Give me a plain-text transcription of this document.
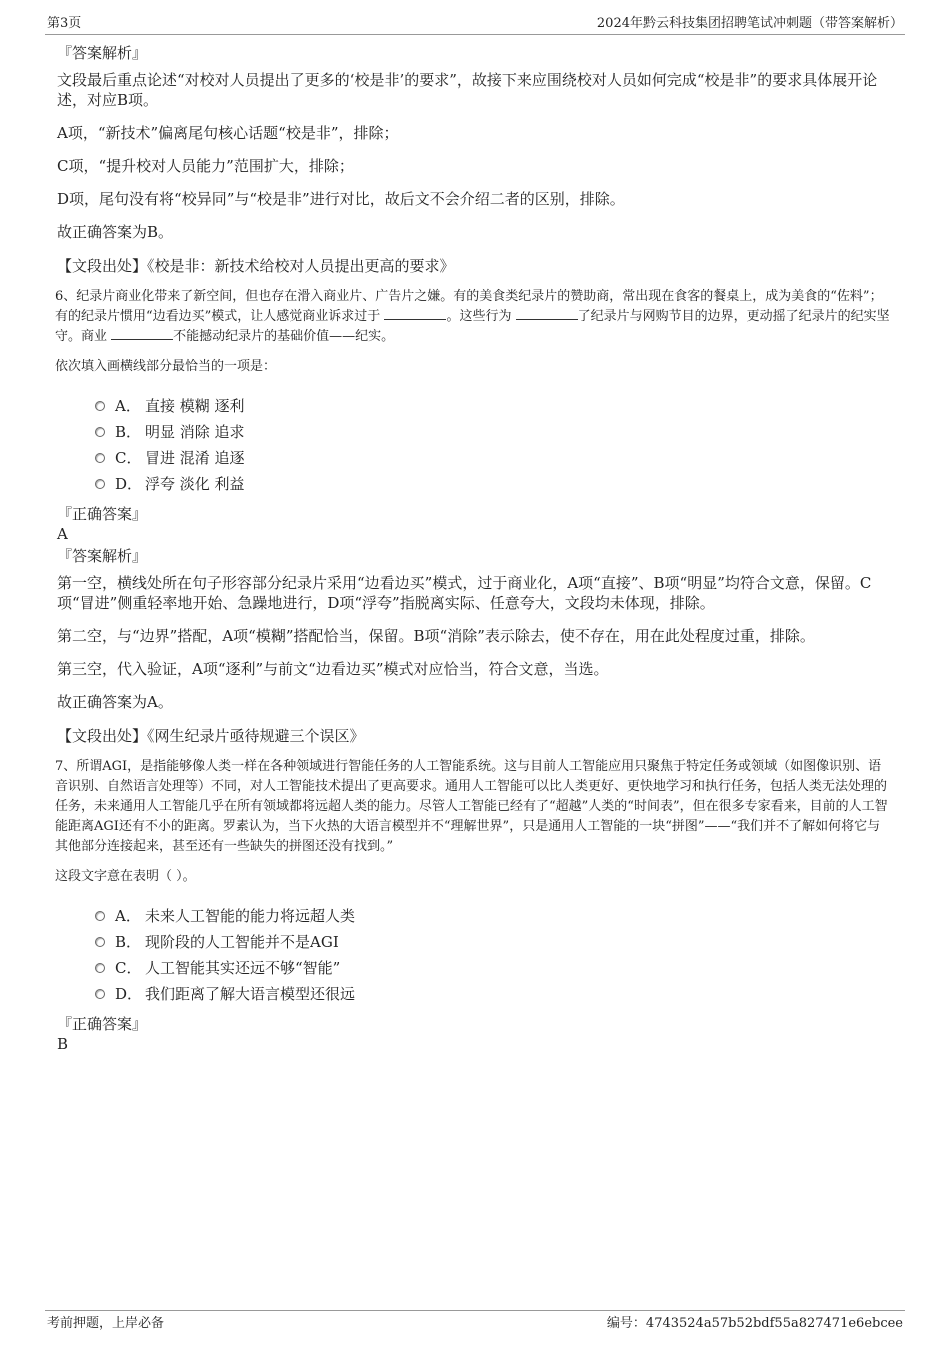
第3页	2024年黔云科技集团招聘笔试冲刺题（带答案解析）
『答案解析』
文段最后重点论述“对校对人员提出了更多的‘校是非’的要求”，故接下来应围绕校对人员如何完成“校是非”的要求具体展开论述，对应B项。
A项，“新技术”偏离尾句核心话题“校是非”，排除；
C项，“提升校对人员能力”范围扩大，排除；
D项，尾句没有将“校异同”与“校是非”进行对比，故后文不会介绍二者的区别，排除。
故正确答案为B。
【文段出处】《校是非：新技术给校对人员提出更高的要求》
6、纪录片商业化带来了新空间，但也存在滑入商业片、广告片之嫌。有的美食类纪录片的赞助商，常出现在食客的餐桌上，成为美食的“佐料”；有的纪录片惯用“边看边买”模式，让人感觉商业诉求过于	。这些行为	了纪录片与网购节目的边界，更动摇了纪录片的纪实坚守。商业	不能撼动纪录片的基础价值——纪实。
依次填入画横线部分最恰当的一项是：
A． 直接 模糊 逐利
B． 明显 消除 追求
C． 冒进 混淆 追逐
D． 浮夸 淡化 利益
『正确答案』
A
『答案解析』
第一空，横线处所在句子形容部分纪录片采用“边看边买”模式，过于商业化，A项“直接”、B项“明显”均符合文意，保留。C项“冒进”侧重轻率地开始、急躁地进行，D项“浮夸”指脱离实际、任意夸大，文段均未体现，排除。
第二空，与“边界”搭配，A项“模糊”搭配恰当，保留。B项“消除”表示除去，使不存在，用在此处程度过重，排除。
第三空，代入验证，A项“逐利”与前文“边看边买”模式对应恰当，符合文意，当选。
故正确答案为A。
【文段出处】《网生纪录片亟待规避三个误区》
7、所谓AGI，是指能够像人类一样在各种领域进行智能任务的人工智能系统。这与目前人工智能应用只聚焦于特定任务或领域（如图像识别、语音识别、自然语言处理等）不同，对人工智能技术提出了更高要求。通用人工智能可以比人类更好、更快地学习和执行任务，包括人类无法处理的任务，未来通用人工智能几乎在所有领域都将远超人类的能力。尽管人工智能已经有了“超越”人类的“时间表”，但在很多专家看来，目前的人工智能距离AGI还有不小的距离。罗素认为，当下火热的大语言模型并不“理解世界”，只是通用人工智能的一块“拼图”——“我们并不了解如何将它与其他部分连接起来，甚至还有一些缺失的拼图还没有找到。”
这段文字意在表明（ ）。
A． 未来人工智能的能力将远超人类
B． 现阶段的人工智能并不是AGI
C． 人工智能其实还远不够“智能”
D． 我们距离了解大语言模型还很远
『正确答案』
B
考前押题，上岸必备	编号：4743524a57b52bdf55a827471e6ebcee
